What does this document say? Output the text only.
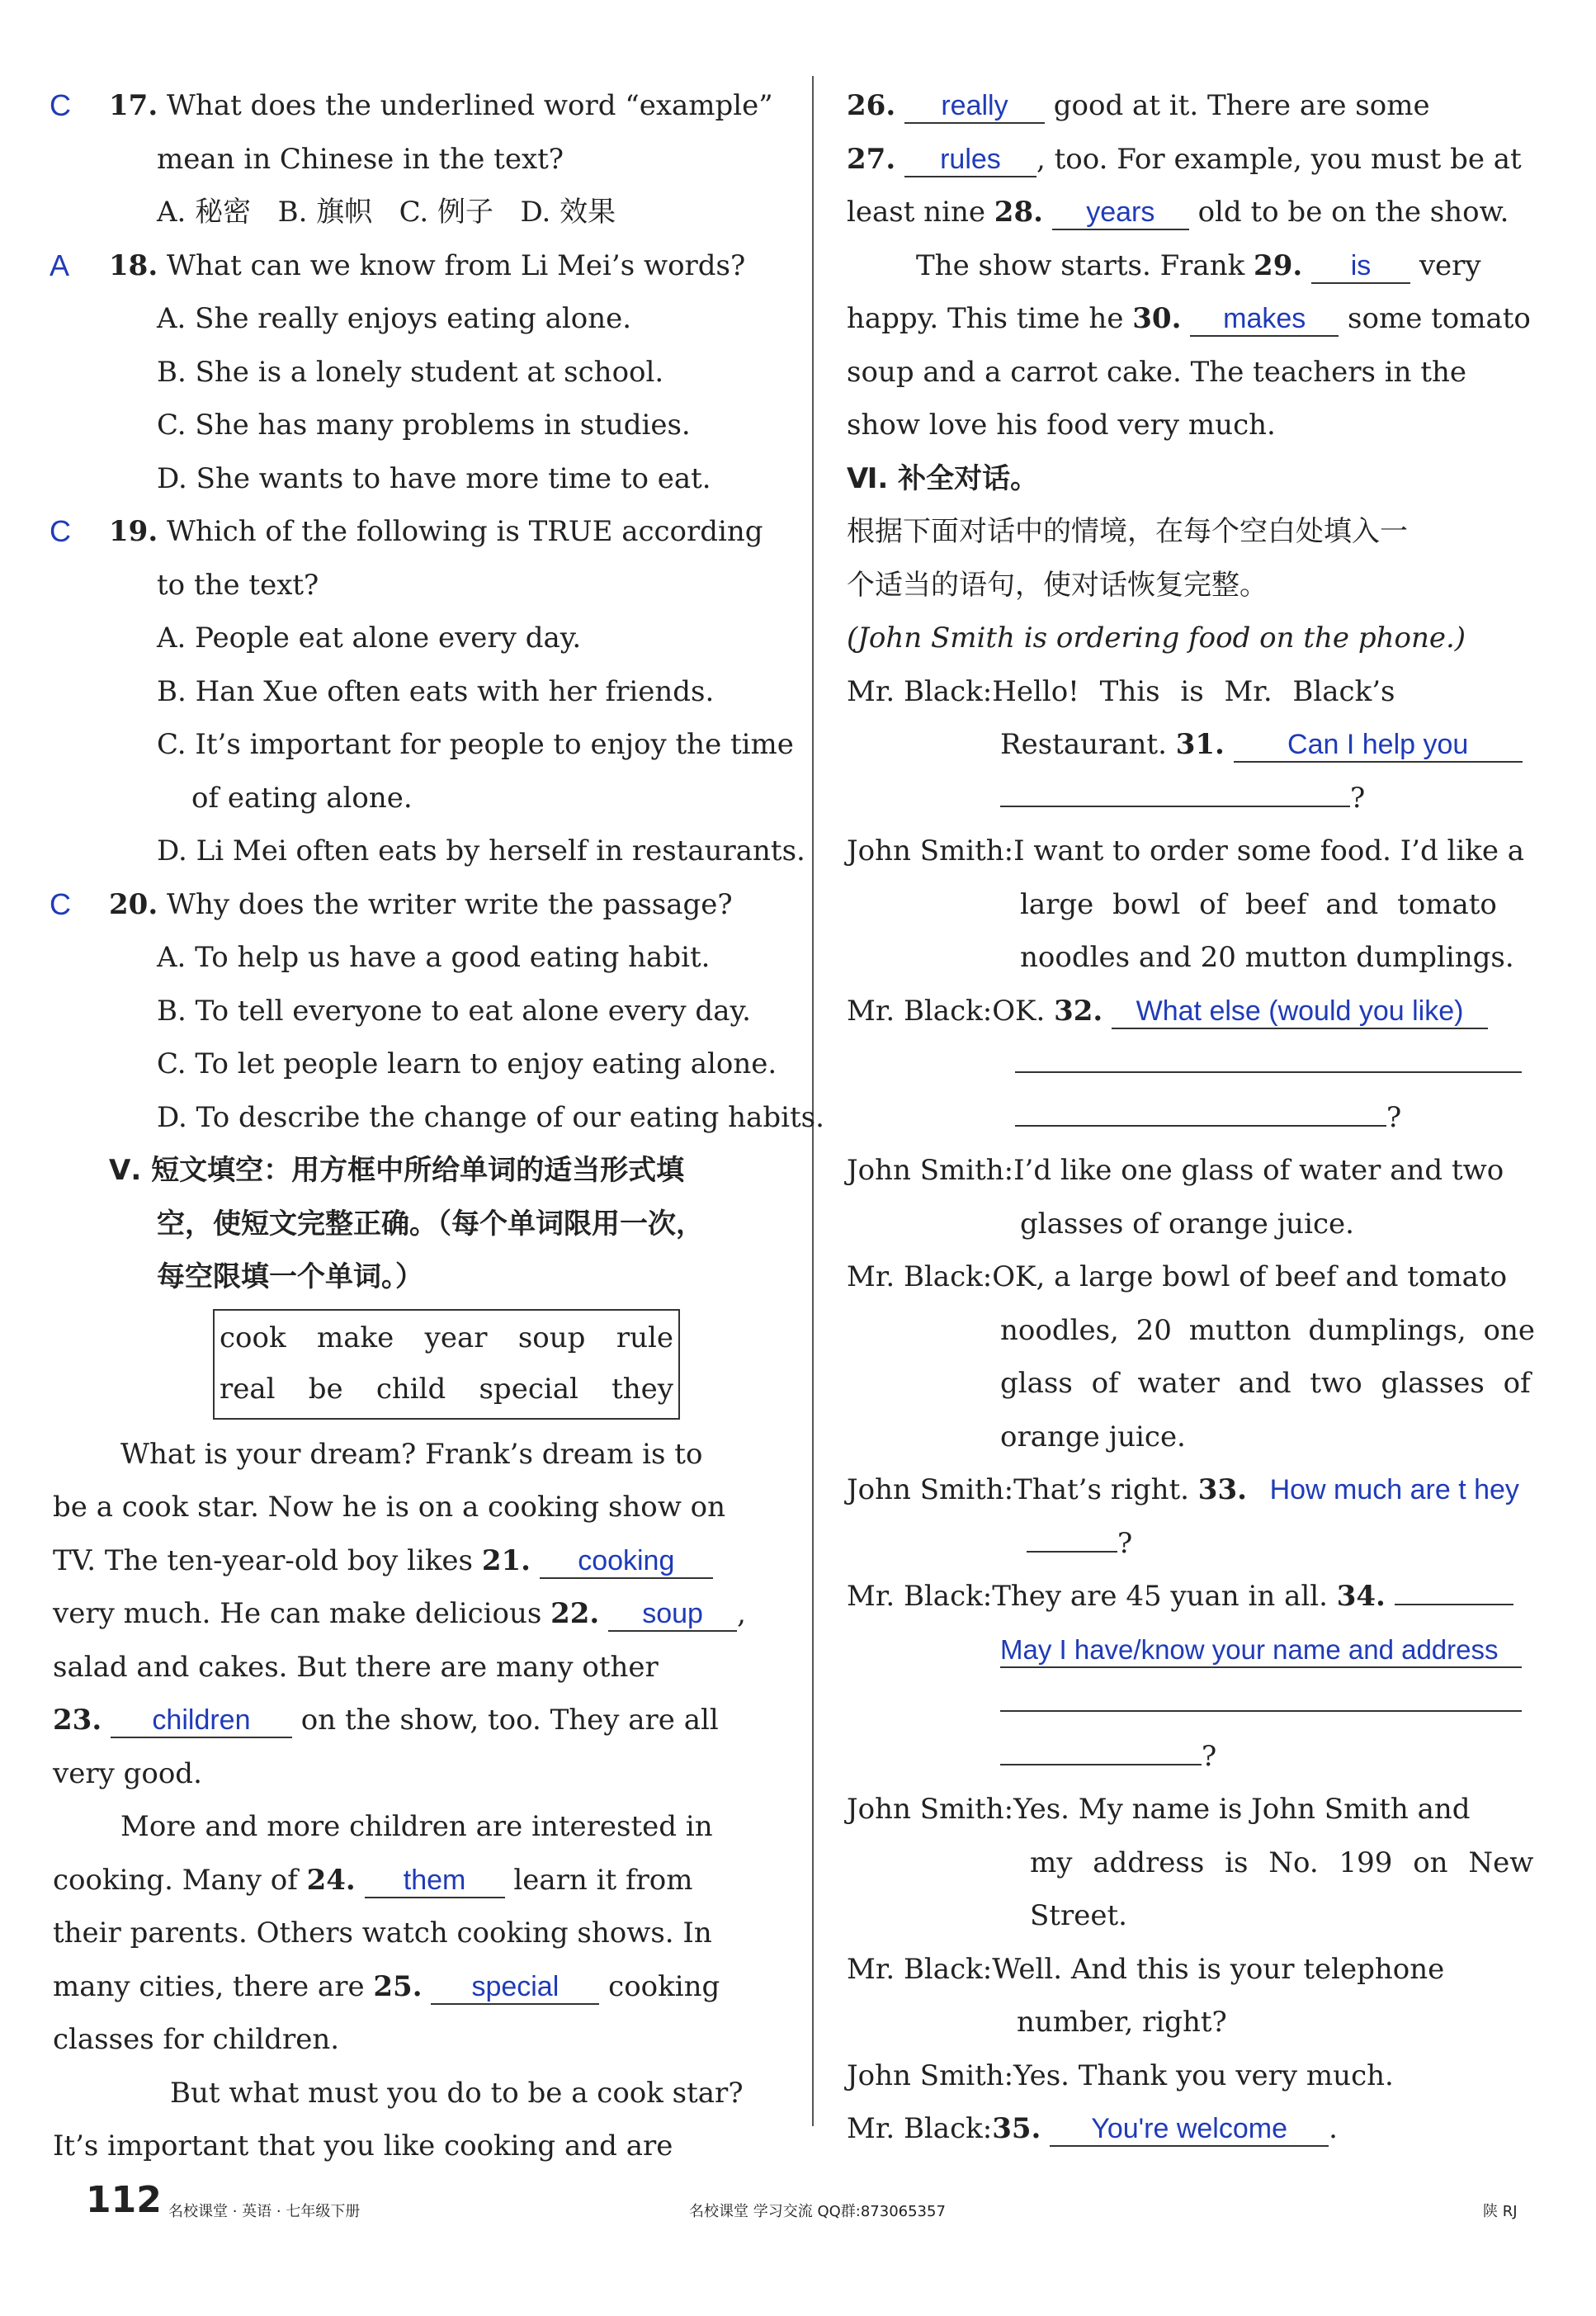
C 17. What does the underlined word “example”
mean in Chinese in the text?
A. 秘密   B. 旗帜   C. 例子   D. 效果
A 18. What can we know from Li Mei’s words?
A. She really enjoys eating alone.
B. She is a lonely student at school.
C. She has many problems in studies.
D. She wants to have more time to eat.
C 19. Which of the following is TRUE according
to the text?
A. People eat alone every day.
B. Han Xue often eats with her friends.
C. It’s important for people to enjoy the time
of eating alone.
D. Li Mei often eats by herself in restaurants.
C 20. Why does the writer write the passage?
A. To help us have a good eating habit.
B. To tell everyone to eat alone every day.
C. To let people learn to enjoy eating alone.
D. To describe the change of our eating habits.
Ⅴ. 短文填空：用方框中所给单词的适当形式填
空，使短文完整正确。（每个单词限用一次，
每空限填一个单词。）
cook make year soup rule
real be child special they
What is your dream? Frank’s dream is to
be a cook star. Now he is on a cooking show on
TV. The ten-year-old boy likes 21. cooking
very much. He can make delicious 22. soup ,
salad and cakes. But there are many other
23. children on the show, too. They are all
very good.
More and more children are interested in
cooking. Many of 24. them learn it from
their parents. Others watch cooking shows. In
many cities, there are 25. special cooking
classes for children.
But what must you do to be a cook star?
It’s important that you like cooking and are
26. really good at it. There are some
27. rules , too. For example, you must be at
least nine 28. years old to be on the show.
The show starts. Frank 29. is very
happy. This time he 30. makes some tomato
soup and a carrot cake. The teachers in the
show love his food very much.
Ⅵ. 补全对话。
根据下面对话中的情境，在每个空白处填入一
个适当的语句，使对话恢复完整。
(John Smith is ordering food on the phone.)
Mr. Black:Hello! This is Mr. Black’s
Restaurant. 31. Can I help you
?
John Smith:I want to order some food. I’d like a
large bowl of beef and tomato
noodles and 20 mutton dumplings.
Mr. Black:OK. 32. What else (would you like)
?
John Smith:I’d like one glass of water and two
glasses of orange juice.
Mr. Black:OK, a large bowl of beef and tomato
noodles, 20 mutton dumplings, one
glass of water and two glasses of
orange juice.
John Smith:That’s right. 33. How much are t hey
?
Mr. Black:They are 45 yuan in all. 34.
May I have/know your name and address
?
John Smith:Yes. My name is John Smith and
my address is No. 199 on New
Street.
Mr. Black:Well. And this is your telephone
number, right?
John Smith:Yes. Thank you very much.
Mr. Black:35. You're welcome .
112 名校课堂 · 英语 · 七年级下册	名校课堂 学习交流 QQ群:873065357	陕 RJ
